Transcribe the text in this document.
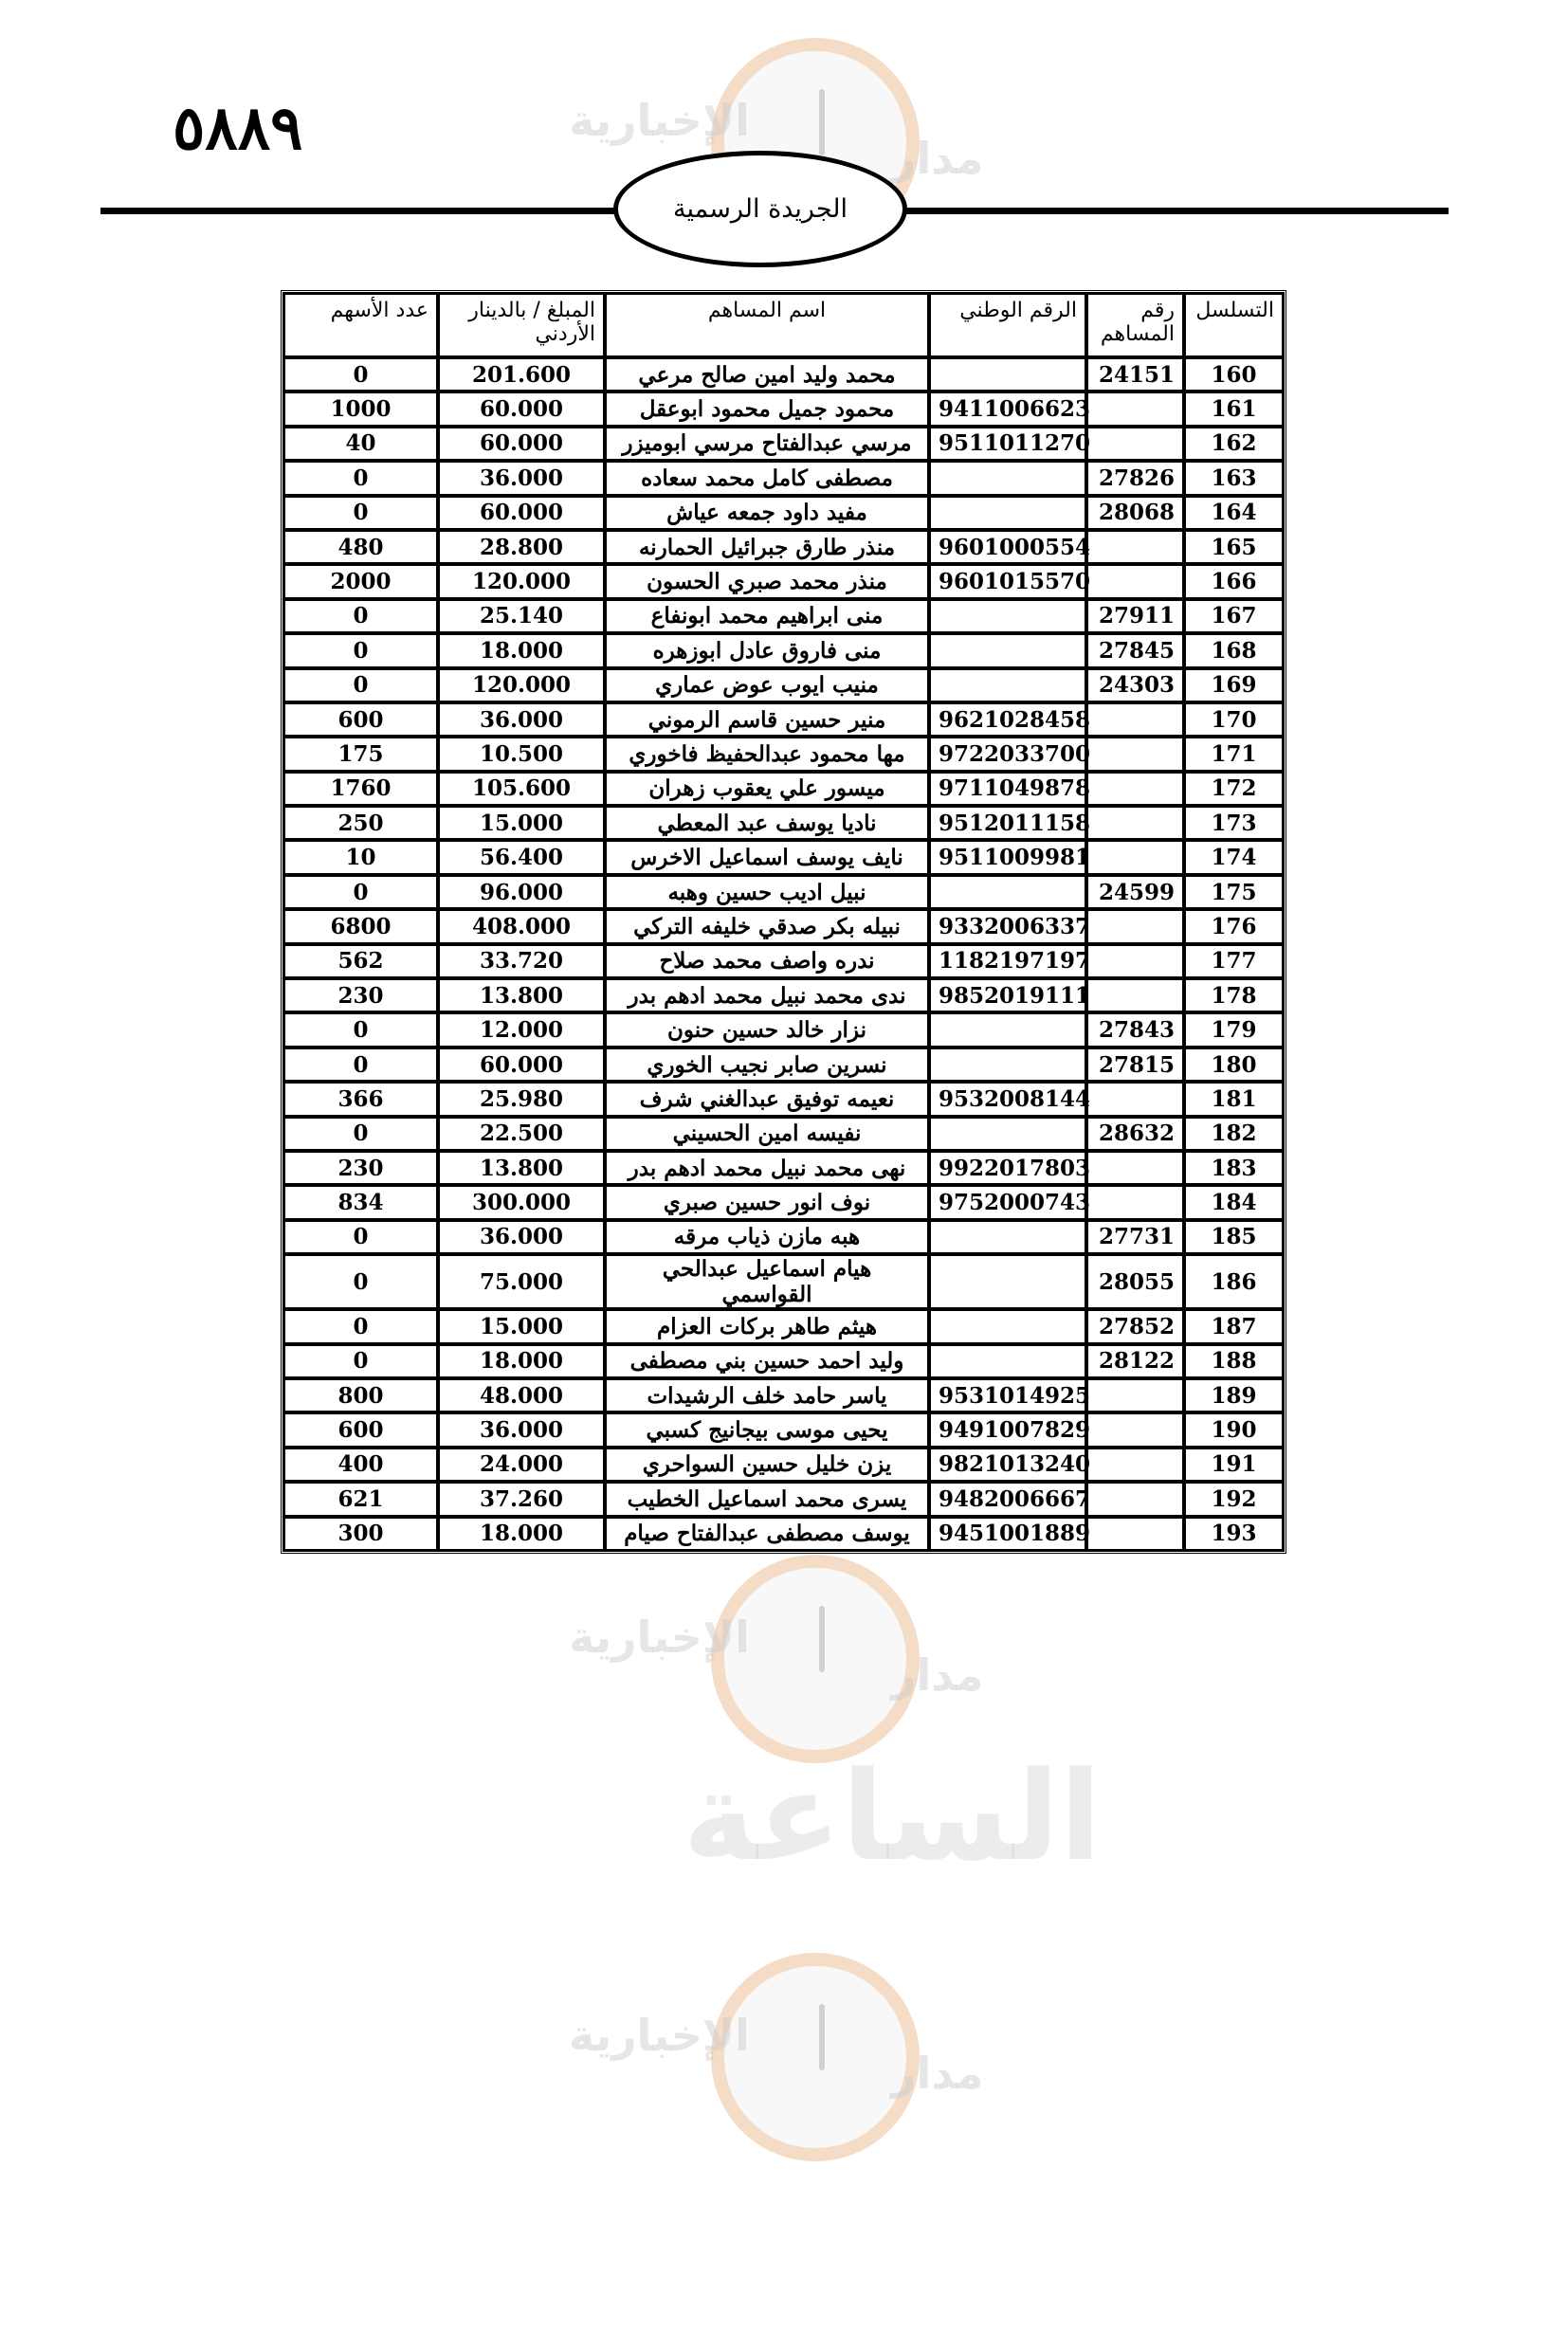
الإخبارية
مدار
الإخبارية
مدار
الساعة
الإخبارية
مدار
٥٨٨٩
الجريدة الرسمية
التسلسل	رقم المساهم	الرقم الوطني	اسم المساهم	المبلغ / بالدينار الأردني	عدد الأسهم
160	24151		محمد وليد امين صالح مرعي	201.600	0
161		9411006623	محمود جميل محمود ابوعقل	60.000	1000
162		9511011270	مرسي عبدالفتاح مرسي ابوميزر	60.000	40
163	27826		مصطفى كامل محمد سعاده	36.000	0
164	28068		مفيد داود جمعه عياش	60.000	0
165		9601000554	منذر طارق جبرائيل الحمارنه	28.800	480
166		9601015570	منذر محمد صبري الحسون	120.000	2000
167	27911		منى ابراهيم محمد ابونفاع	25.140	0
168	27845		منى فاروق عادل ابوزهره	18.000	0
169	24303		منيب ايوب عوض عماري	120.000	0
170		9621028458	منير حسين قاسم الرموني	36.000	600
171		9722033700	مها محمود عبدالحفيظ فاخوري	10.500	175
172		9711049878	ميسور علي يعقوب زهران	105.600	1760
173		9512011158	ناديا يوسف عبد المعطي	15.000	250
174		9511009981	نايف يوسف اسماعيل الاخرس	56.400	10
175	24599		نبيل اديب حسين وهبه	96.000	0
176		9332006337	نبيله بكر صدقي خليفه التركي	408.000	6800
177		1182197197	ندره واصف محمد صلاح	33.720	562
178		9852019111	ندى محمد نبيل محمد ادهم بدر	13.800	230
179	27843		نزار خالد حسين حنون	12.000	0
180	27815		نسرين صابر نجيب الخوري	60.000	0
181		9532008144	نعيمه توفيق عبدالغني شرف	25.980	366
182	28632		نفيسه امين الحسيني	22.500	0
183		9922017803	نهى محمد نبيل محمد ادهم بدر	13.800	230
184		9752000743	نوف انور حسين صبري	300.000	834
185	27731		هبه مازن ذياب مرقه	36.000	0
186	28055		هيام اسماعيل عبدالحي القواسمي	75.000	0
187	27852		هيثم طاهر بركات العزام	15.000	0
188	28122		وليد احمد حسين بني مصطفى	18.000	0
189		9531014925	ياسر حامد خلف الرشيدات	48.000	800
190		9491007829	يحيى موسى بيجانيج كسبي	36.000	600
191		9821013240	يزن خليل حسين السواحري	24.000	400
192		9482006667	يسرى محمد اسماعيل الخطيب	37.260	621
193		9451001889	يوسف مصطفى عبدالفتاح صيام	18.000	300
